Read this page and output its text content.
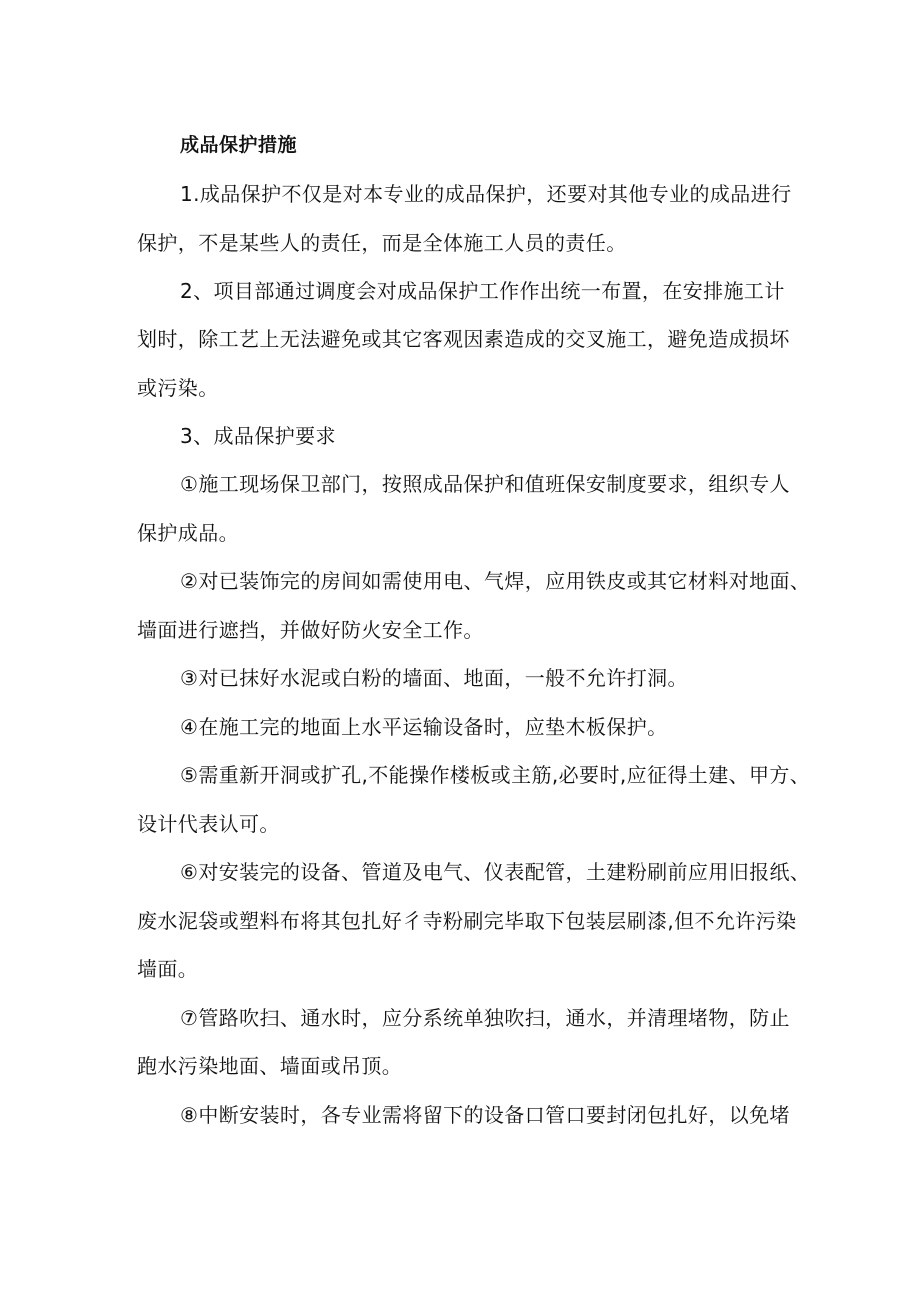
成品保护措施
1.成品保护不仅是对本专业的成品保护，还要对其他专业的成品进行
保护，不是某些人的责任，而是全体施工人员的责任。
2、项目部通过调度会对成品保护工作作出统一布置，在安排施工计
划时，除工艺上无法避免或其它客观因素造成的交叉施工，避免造成损坏
或污染。
3、成品保护要求
①施工现场保卫部门，按照成品保护和值班保安制度要求，组织专人
保护成品。
②对已装饰完的房间如需使用电、气焊，应用铁皮或其它材料对地面、
墙面进行遮挡，并做好防火安全工作。
③对已抹好水泥或白粉的墙面、地面，一般不允许打洞。
④在施工完的地面上水平运输设备时，应垫木板保护。
⑤需重新开洞或扩孔,不能操作楼板或主筋,必要时,应征得土建、甲方、
设计代表认可。
⑥对安装完的设备、管道及电气、仪表配管，土建粉刷前应用旧报纸、
废水泥袋或塑料布将其包扎好彳寺粉刷完毕取下包装层刷漆,但不允许污染
墙面。
⑦管路吹扫、通水时，应分系统单独吹扫，通水，并清理堵物，防止
跑水污染地面、墙面或吊顶。
⑧中断安装时，各专业需将留下的设备口管口要封闭包扎好，以免堵
